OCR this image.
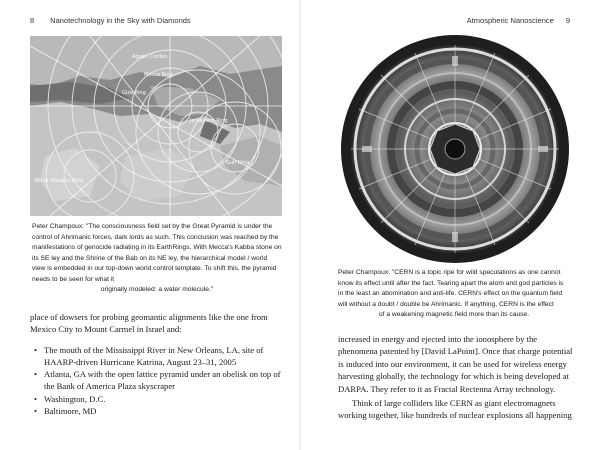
8 Nanotechnology in the Sky with Diamonds
Agabh Cordon
Mecca Ring
Giza Ring
Jerusalem Ring
Africa Volcanic Ring
Gulf Ring
Peter Champoux: "The consciousness field set by the Great Pyramid is under the control of Ahrimanic forces, dark lords as such. This conclusion was reached by the manifestations of genocide radiating in its EarthRings. With Mecca's Kabba stone on its SE ley and the Shrine of the Bab on its NE ley, the hierarchical model / world view is embedded in our top-down world control template. To shift this, the pyramid needs to be seen for what it
originally modeled: a water molecule."

place of dowsers for probing geomantic alignments like the one from Mexico City to Mount Carmel in Israel and:

• The mouth of the Mississippi River in New Orleans, LA, site of HAARP-driven Hurricane Katrina, August 23–31, 2005
• Atlanta, GA with the open lattice pyramid under an obelisk on top of the Bank of America Plaza skyscraper
• Washington, D.C.
• Baltimore, MD
Atmospheric Nanoscience 9
Peter Champoux: "CERN is a topic ripe for wild speculations as one cannot know its effect until after the fact. Tearing apart the atom and god particles is in the least an abomination and anti-life. CERN's effect on the quantum field will without a doubt / double be Ahrimanic. If anything, CERN is the effect
of a weakening magnetic field more than its cause.

increased in energy and ejected into the ionosphere by the phenomena patented by [David LaPoint]. Once that charge potential is induced into our environment, it can be used for wireless energy harvesting globally, the technology for which is being developed at DARPA. They refer to it as Fractal Rectenna Array technology.

Think of large colliders like CERN as giant electromagnets working together, like hundreds of nuclear explosions all happening
